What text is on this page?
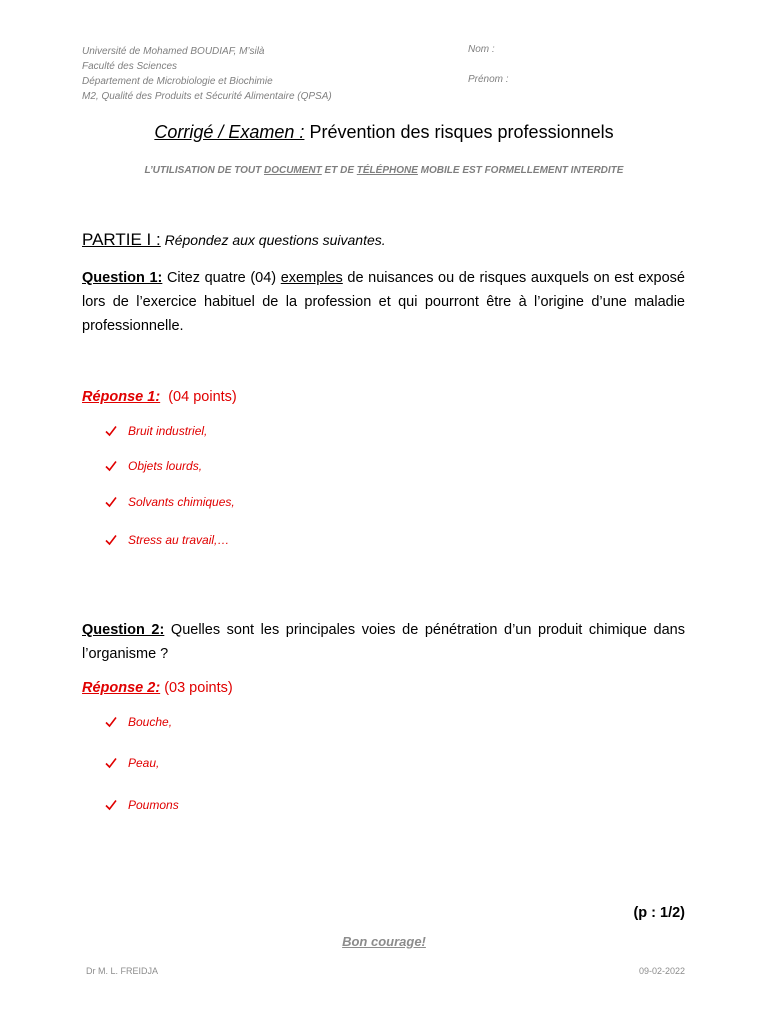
Université de Mohamed BOUDIAF, M’silà
Faculté des Sciences
Département de Microbiologie et Biochimie
M2, Qualité des Produits et Sécurité Alimentaire (QPSA)
Nom :
Prénom :
Corrigé / Examen : Prévention des risques professionnels
L’UTILISATION DE TOUT DOCUMENT ET DE TÉLÉPHONE MOBILE EST FORMELLEMENT INTERDITE
PARTIE I : Répondez aux questions suivantes.
Question 1: Citez quatre (04) exemples de nuisances ou de risques auxquels on est exposé lors de l’exercice habituel de la profession et qui pourront être à l’origine d’une maladie professionnelle.
Réponse 1:  (04 points)
Bruit industriel,
Objets lourds,
Solvants chimiques,
Stress au travail,…
Question 2: Quelles sont les principales voies de pénétration d’un produit chimique dans l’organisme ?
Réponse 2: (03 points)
Bouche,
Peau,
Poumons
(p : 1/2)
Bon courage!
Dr M. L. FREIDJA	09-02-2022
